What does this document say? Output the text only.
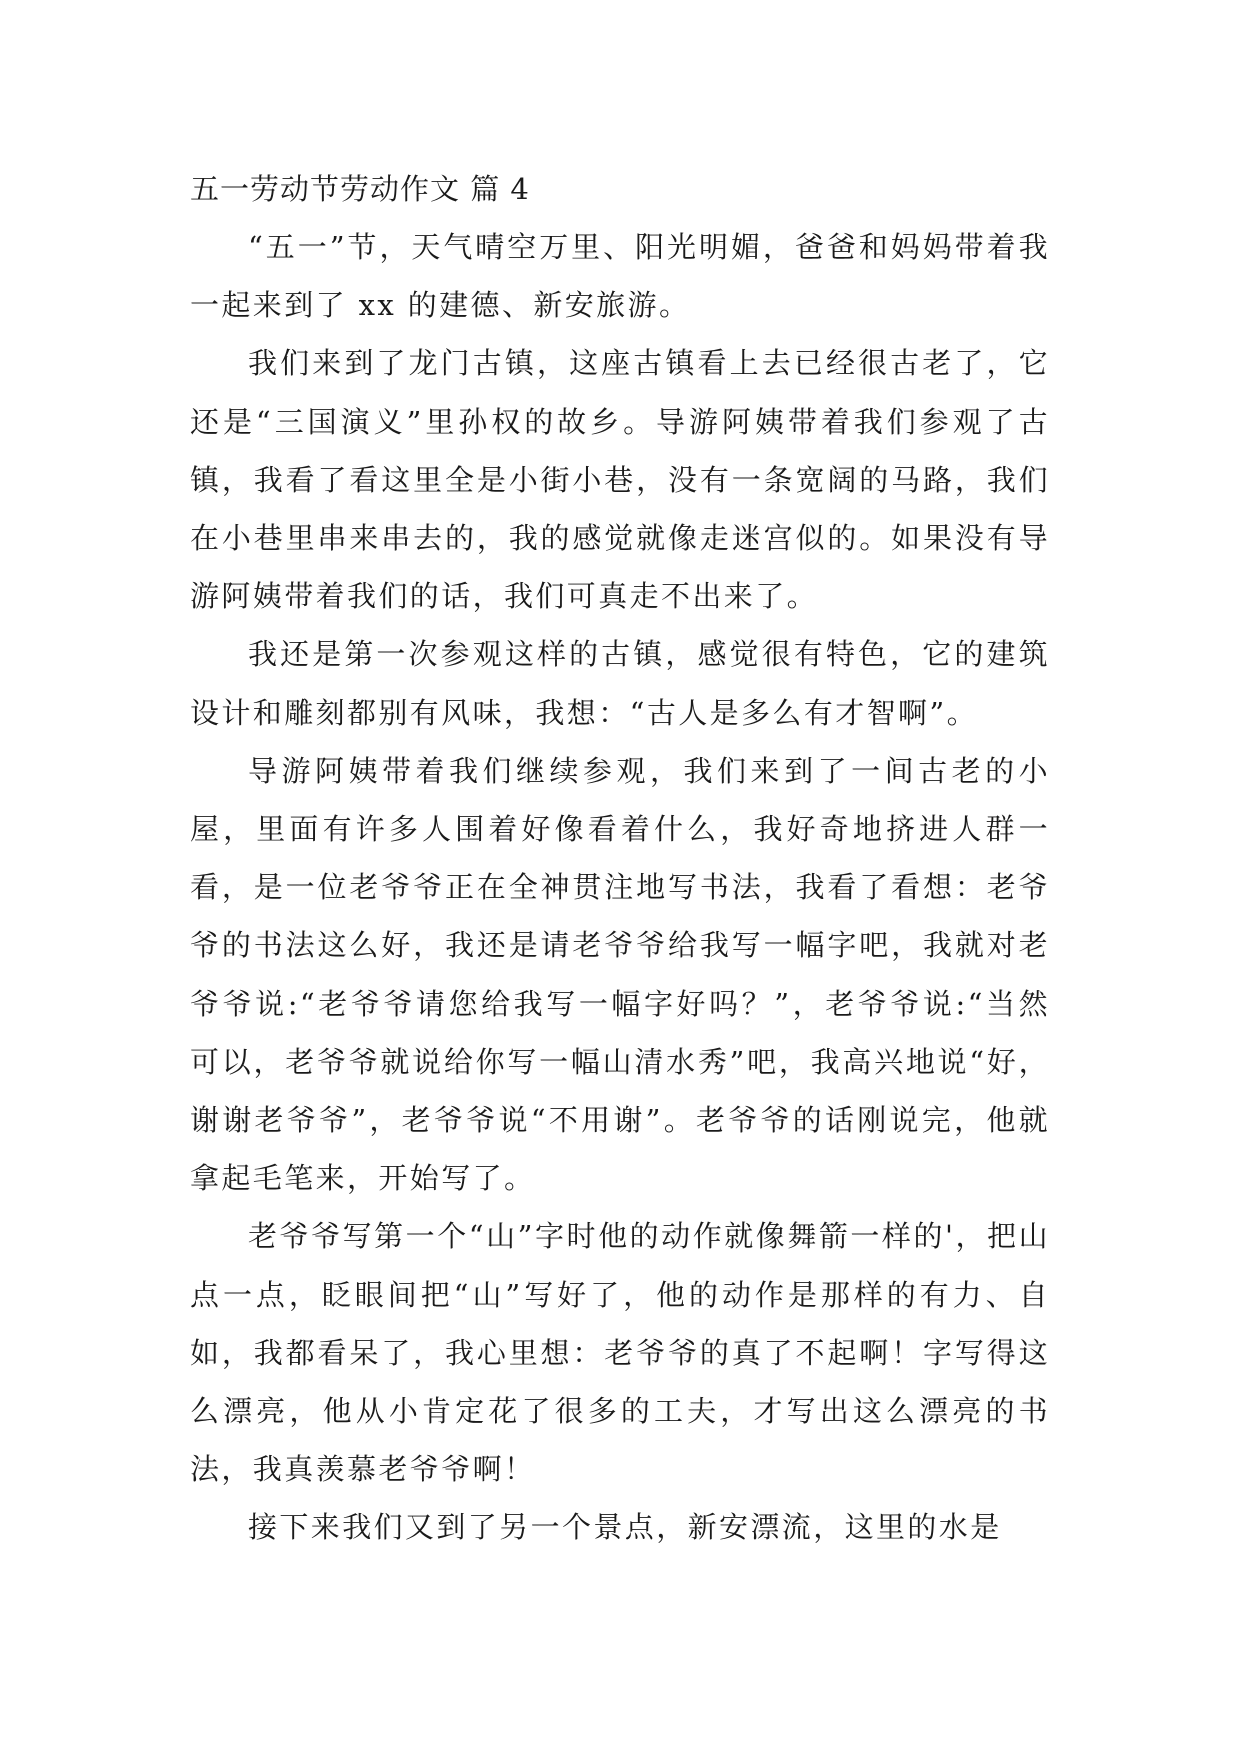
五一劳动节劳动作文 篇 4

“五一”节，天气晴空万里、阳光明媚，爸爸和妈妈带着我一起来到了 xx 的建德、新安旅游。

我们来到了龙门古镇，这座古镇看上去已经很古老了，它还是“三国演义”里孙权的故乡。导游阿姨带着我们参观了古镇，我看了看这里全是小街小巷，没有一条宽阔的马路，我们在小巷里串来串去的，我的感觉就像走迷宫似的。如果没有导游阿姨带着我们的话，我们可真走不出来了。

我还是第一次参观这样的古镇，感觉很有特色，它的建筑设计和雕刻都别有风味，我想：“古人是多么有才智啊”。

导游阿姨带着我们继续参观，我们来到了一间古老的小屋，里面有许多人围着好像看着什么，我好奇地挤进人群一看，是一位老爷爷正在全神贯注地写书法，我看了看想：老爷爷的书法这么好，我还是请老爷爷给我写一幅字吧，我就对老爷爷说:“老爷爷请您给我写一幅字好吗？”，老爷爷说:“当然可以，老爷爷就说给你写一幅山清水秀”吧，我高兴地说“好，谢谢老爷爷”，老爷爷说“不用谢”。老爷爷的话刚说完，他就拿起毛笔来，开始写了。

老爷爷写第一个“山”字时他的动作就像舞箭一样的'，把山点一点，眨眼间把“山”写好了，他的动作是那样的有力、自如，我都看呆了，我心里想：老爷爷的真了不起啊！字写得这么漂亮，他从小肯定花了很多的工夫，才写出这么漂亮的书法，我真羡慕老爷爷啊！

接下来我们又到了另一个景点，新安漂流，这里的水是
